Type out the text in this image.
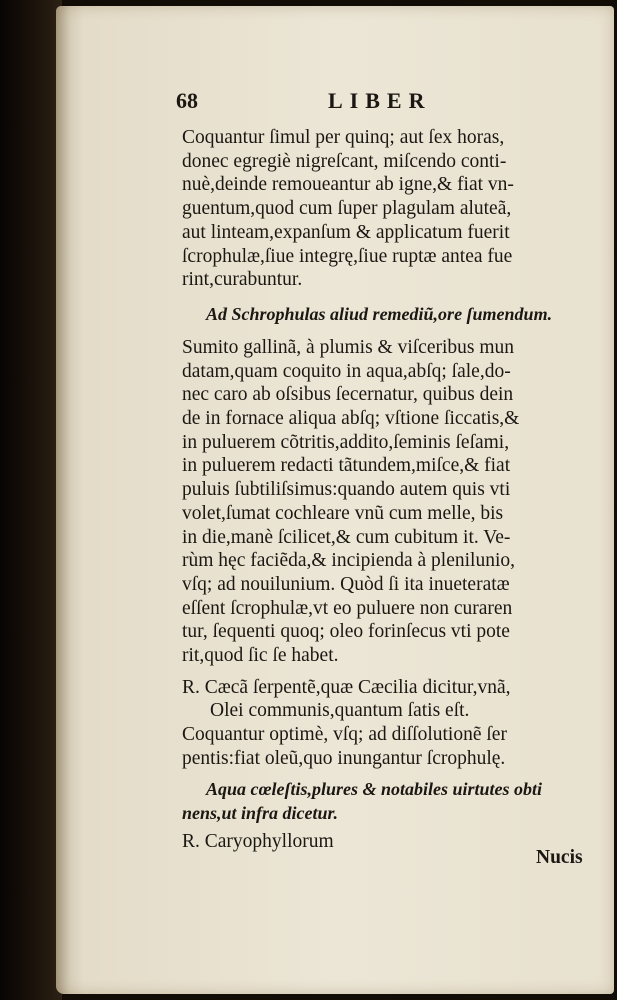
68	LIBER
Coquantur ſimul per quinq; aut ſex horas,
donec egregiè nigreſcant, miſcendo conti-
nuè,deinde remoueantur ab igne,& fiat vn-
guentum,quod cum ſuper plagulam aluteã,
aut linteam,expanſum & applicatum fuerit
ſcrophulæ,ſiue integrę,ſiue ruptæ antea fue
rint,curabuntur.
Ad Schrophulas aliud remediũ,ore ſumendum.
Sumito gallinã, à plumis & viſceribus mun
datam,quam coquito in aqua,abſq; ſale,do-
nec caro ab oſsibus ſecernatur, quibus dein
de in fornace aliqua abſq; vſtione ſiccatis,&
in puluerem cõtritis,addito,ſeminis ſeſami,
in puluerem redacti tãtundem,miſce,& fiat
puluis ſubtiliſsimus:quando autem quis vti
volet,ſumat cochleare vnũ cum melle, bis
in die,manè ſcilicet,& cum cubitum it. Ve-
rùm hęc faciẽda,& incipienda à plenilunio,
vſq; ad nouilunium. Quòd ſi ita inueteratæ
eſſent ſcrophulæ,vt eo puluere non curaren
tur, ſequenti quoq; oleo forinſecus vti pote
rit,quod ſic ſe habet.
R. Cæcã ſerpentẽ,quæ Cæcilia dicitur,vnã,
Olei communis,quantum ſatis eſt.
Coquantur optimè, vſq; ad diſſolutionẽ ſer
pentis:fiat oleũ,quo inungantur ſcrophulę.
Aqua cœleſtis,plures & notabiles uirtutes obti
nens,ut infra dicetur.
R. Caryophyllorum
Nucis
